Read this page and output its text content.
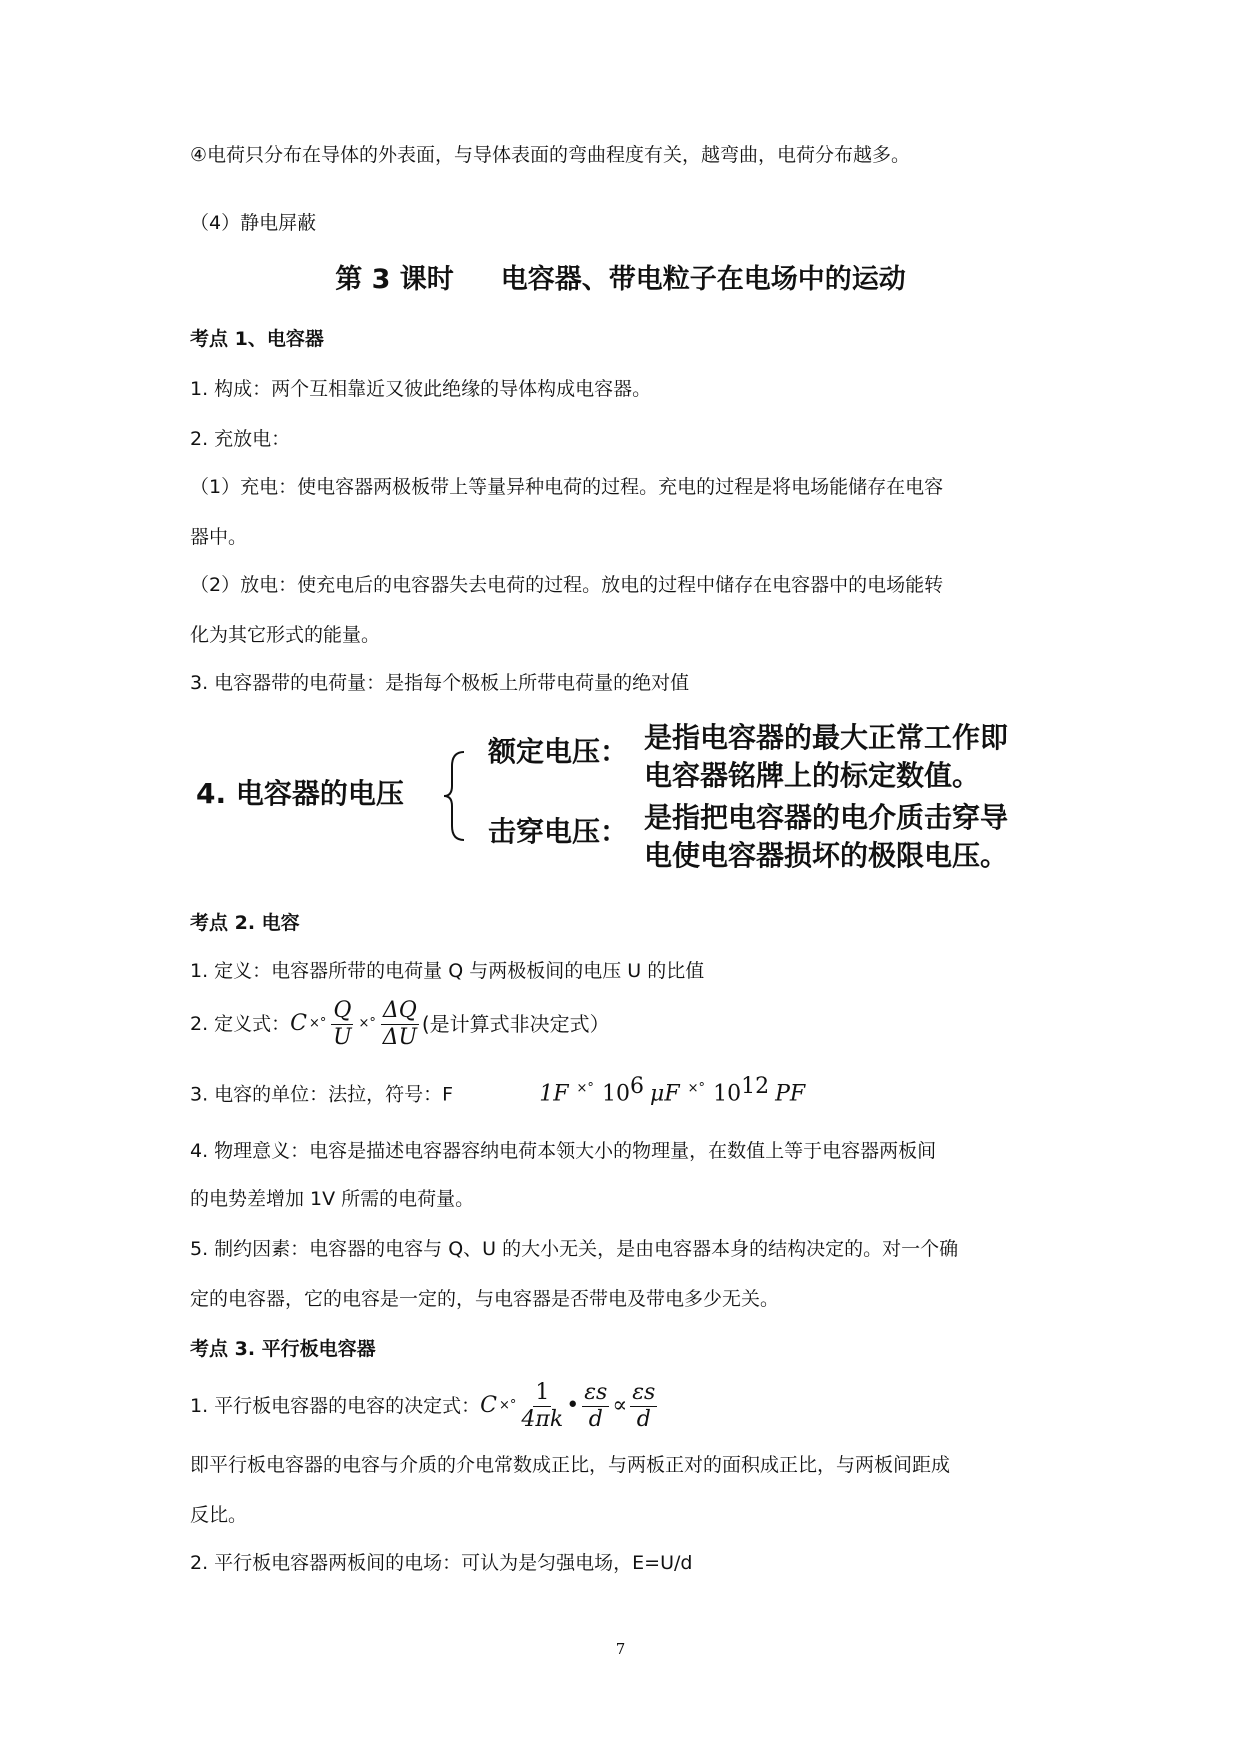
④电荷只分布在导体的外表面，与导体表面的弯曲程度有关，越弯曲，电荷分布越多。
（4）静电屏蔽
第 3 课时     电容器、带电粒子在电场中的运动
考点 1、电容器
1. 构成：两个互相靠近又彼此绝缘的导体构成电容器。
2. 充放电：
（1）充电：使电容器两极板带上等量异种电荷的过程。充电的过程是将电场能储存在电容
器中。
（2）放电：使充电后的电容器失去电荷的过程。放电的过程中储存在电容器中的电场能转
化为其它形式的能量。
3. 电容器带的电荷量：是指每个极板上所带电荷量的绝对值
4. 电容器的电压
额定电压： 是指电容器的最大正常工作即
电容器铭牌上的标定数值。
击穿电压： 是指把电容器的电介质击穿导
电使电容器损坏的极限电压。
考点 2. 电容
1. 定义：电容器所带的电荷量 Q 与两极板间的电压 U 的比值
2. 定义式： C ×° $\frac{Q}{U}$ ×° $\frac{\Delta Q}{\Delta U}$ (是计算式非决定式）
3. 电容的单位：法拉，符号：F	1F ×° $10^6$ μF ×° $10^{12}$ PF
4. 物理意义：电容是描述电容器容纳电荷本领大小的物理量，在数值上等于电容器两板间
的电势差增加 1V 所需的电荷量。
5. 制约因素：电容器的电容与 Q、U 的大小无关，是由电容器本身的结构决定的。对一个确
定的电容器，它的电容是一定的，与电容器是否带电及带电多少无关。
考点 3. 平行板电容器
1. 平行板电容器的电容的决定式： C ×° $\frac{1}{4\pi k}$ • $\frac{\varepsilon s}{d} \propto \frac{\varepsilon s}{d}$
即平行板电容器的电容与介质的介电常数成正比，与两板正对的面积成正比，与两板间距成
反比。
2. 平行板电容器两板间的电场：可认为是匀强电场，E=U/d
7
